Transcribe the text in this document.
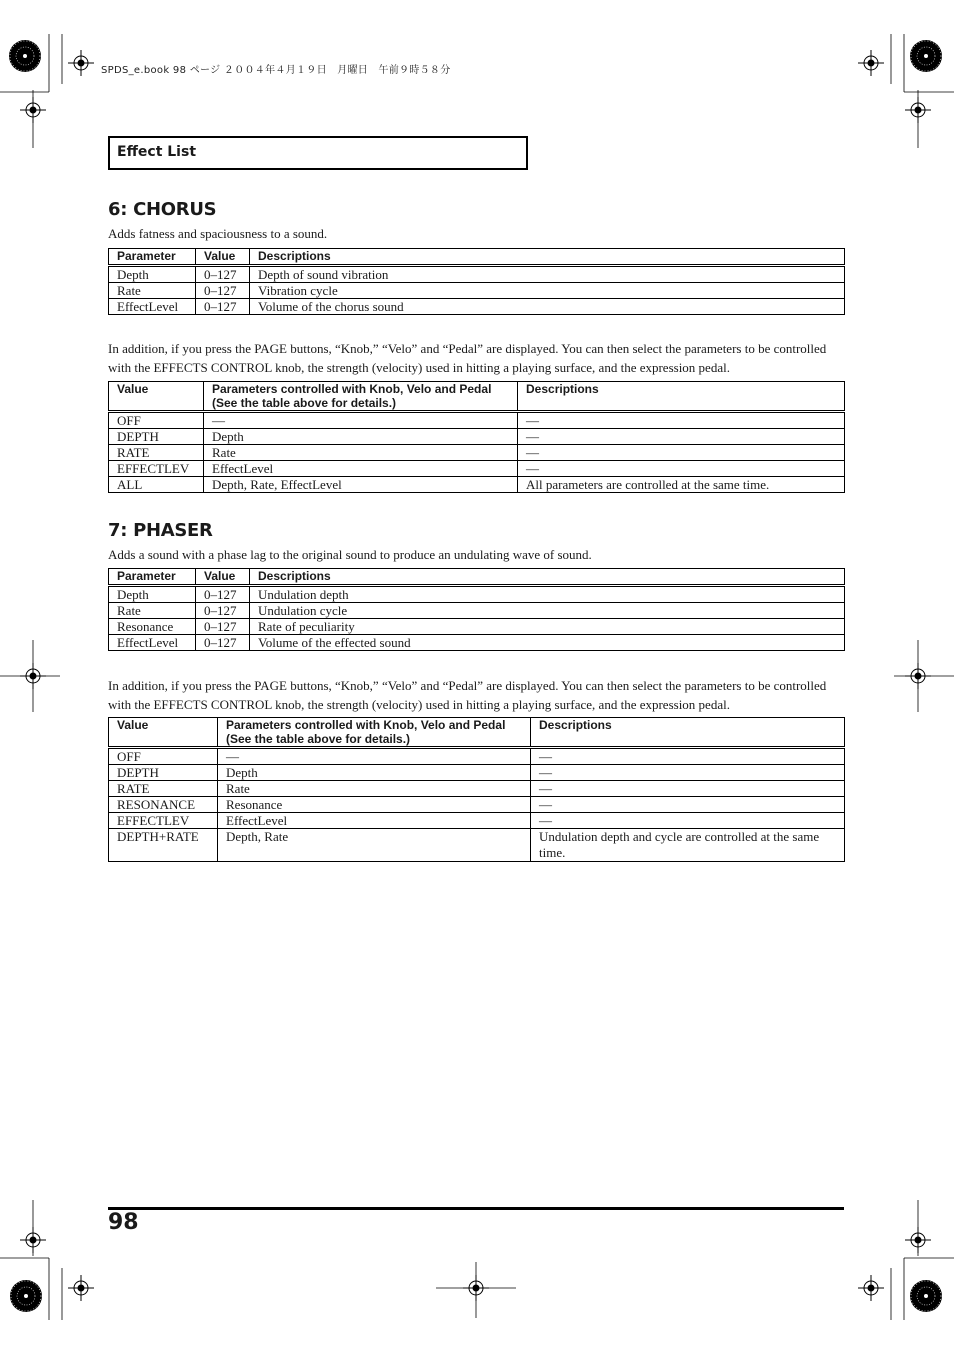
SPDS_e.book 98 ページ ２００４年４月１９日　月曜日　午前９時５８分
Effect List
6: CHORUS

Adds fatness and spaciousness to a sound.

Parameter	Value	Descriptions
Depth	0–127	Depth of sound vibration
Rate	0–127	Vibration cycle
EffectLevel	0–127	Volume of the chorus sound

In addition, if you press the PAGE buttons, “Knob,” “Velo” and “Pedal” are displayed. You can then select the parameters to be controlled with the EFFECTS CONTROL knob, the strength (velocity) used in hitting a playing surface, and the expression pedal.

Value	Parameters controlled with Knob, Velo and Pedal (See the table above for details.)	Descriptions
OFF	—	—
DEPTH	Depth	—
RATE	Rate	—
EFFECTLEV	EffectLevel	—
ALL	Depth, Rate, EffectLevel	All parameters are controlled at the same time.
7: PHASER

Adds a sound with a phase lag to the original sound to produce an undulating wave of sound.

Parameter	Value	Descriptions
Depth	0–127	Undulation depth
Rate	0–127	Undulation cycle
Resonance	0–127	Rate of peculiarity
EffectLevel	0–127	Volume of the effected sound

In addition, if you press the PAGE buttons, “Knob,” “Velo” and “Pedal” are displayed. You can then select the parameters to be controlled with the EFFECTS CONTROL knob, the strength (velocity) used in hitting a playing surface, and the expression pedal.

Value	Parameters controlled with Knob, Velo and Pedal (See the table above for details.)	Descriptions
OFF	—	—
DEPTH	Depth	—
RATE	Rate	—
RESONANCE	Resonance	—
EFFECTLEV	EffectLevel	—
DEPTH+RATE	Depth, Rate	Undulation depth and cycle are controlled at the same time.
98
